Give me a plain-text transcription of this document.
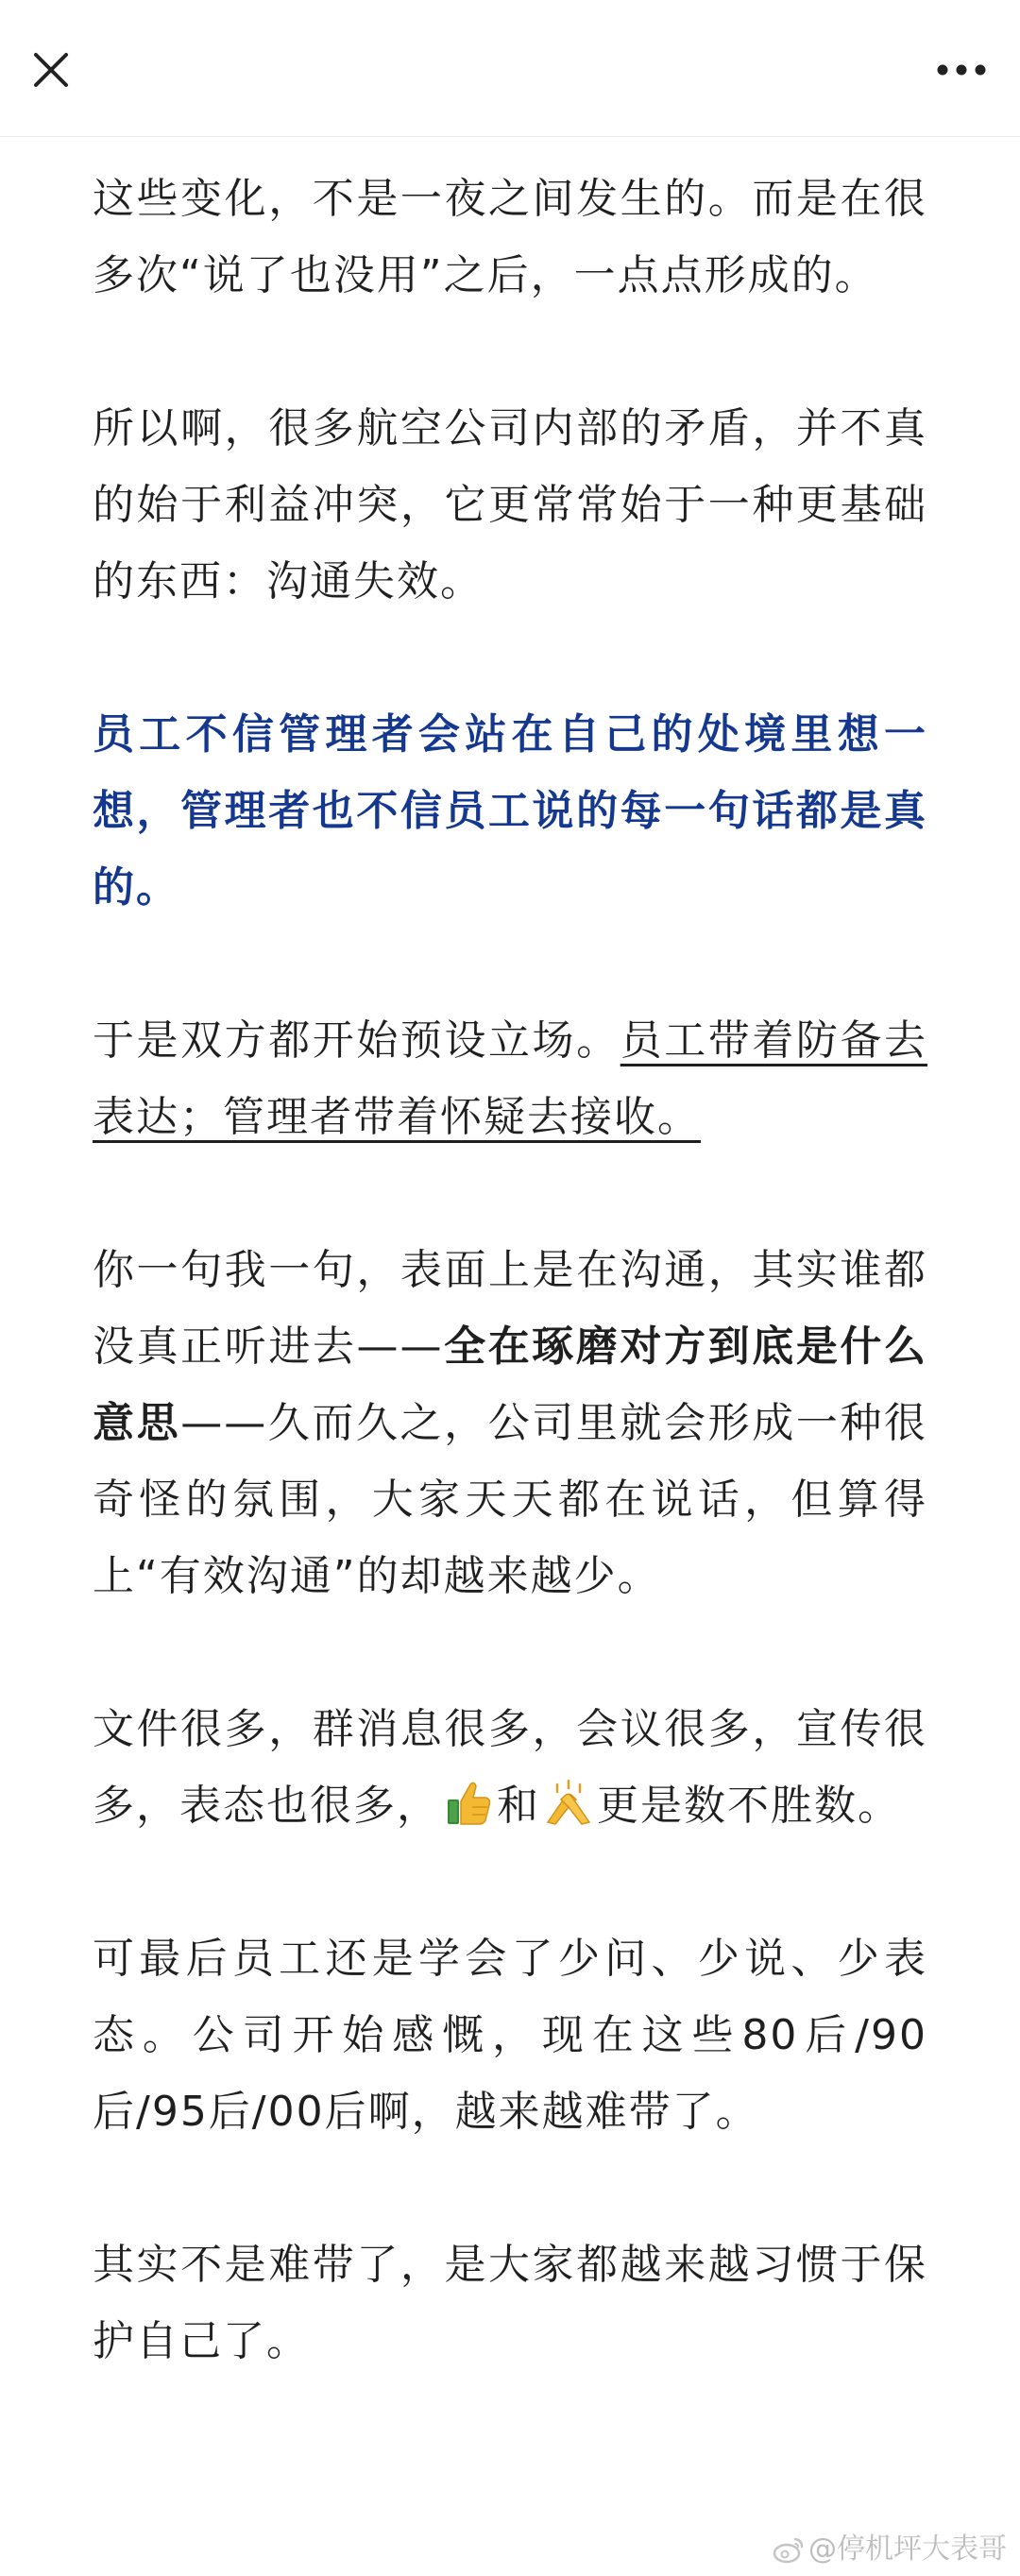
这些变化，不是一夜之间发生的。而是在很多次“说了也没用”之后，一点点形成的。

所以啊，很多航空公司内部的矛盾，并不真的始于利益冲突，它更常常始于一种更基础的东西：沟通失效。

员工不信管理者会站在自己的处境里想一想，管理者也不信员工说的每一句话都是真的。

于是双方都开始预设立场。员工带着防备去表达；管理者带着怀疑去接收。

你一句我一句，表面上是在沟通，其实谁都没真正听进去——全在琢磨对方到底是什么意思——久而久之，公司里就会形成一种很奇怪的氛围，大家天天都在说话，但算得上“有效沟通”的却越来越少。

文件很多，群消息很多，会议很多，宣传很多，表态也很多， 和 更是数不胜数。

可最后员工还是学会了少问、少说、少表态。公司开始感慨，现在这些80后/90后/95后/00后啊，越来越难带了。

其实不是难带了，是大家都越来越习惯于保护自己了。

@停机坪大表哥
